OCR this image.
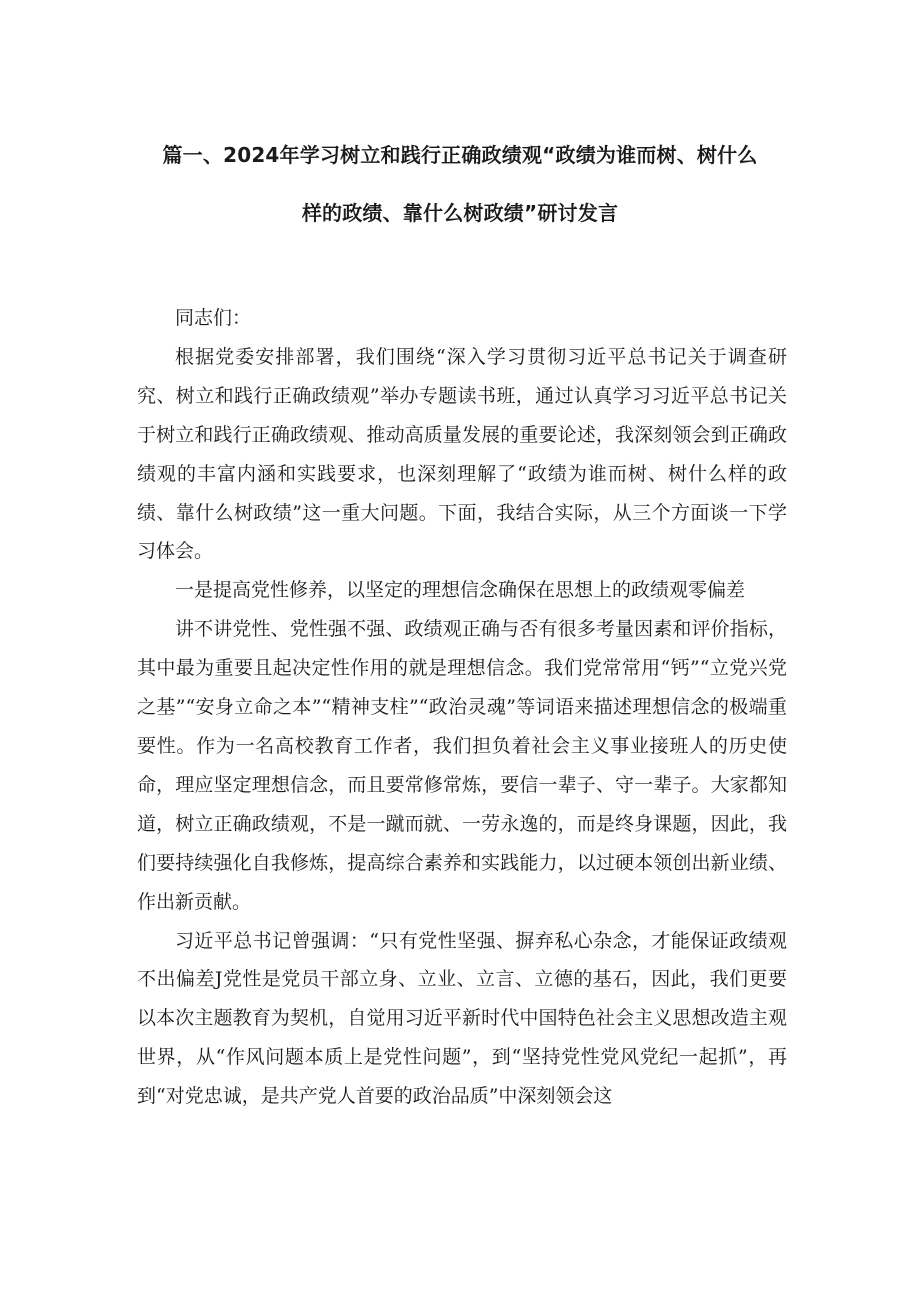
篇一、2024年学习树立和践行正确政绩观“政绩为谁而树、树什么
样的政绩、靠什么树政绩”研讨发言

同志们：

根据党委安排部署，我们围绕“深入学习贯彻习近平总书记关于调查研究、树立和践行正确政绩观”举办专题读书班，通过认真学习习近平总书记关于树立和践行正确政绩观、推动高质量发展的重要论述，我深刻领会到正确政绩观的丰富内涵和实践要求，也深刻理解了“政绩为谁而树、树什么样的政绩、靠什么树政绩”这一重大问题。下面，我结合实际，从三个方面谈一下学习体会。

一是提高党性修养，以坚定的理想信念确保在思想上的政绩观零偏差

讲不讲党性、党性强不强、政绩观正确与否有很多考量因素和评价指标，其中最为重要且起决定性作用的就是理想信念。我们党常常用“钙”“立党兴党之基”“安身立命之本”“精神支柱”“政治灵魂”等词语来描述理想信念的极端重要性。作为一名高校教育工作者，我们担负着社会主义事业接班人的历史使命，理应坚定理想信念，而且要常修常炼，要信一辈子、守一辈子。大家都知道，树立正确政绩观，不是一蹴而就、一劳永逸的，而是终身课题，因此，我们要持续强化自我修炼，提高综合素养和实践能力，以过硬本领创出新业绩、作出新贡献。

习近平总书记曾强调：“只有党性坚强、摒弃私心杂念，才能保证政绩观不出偏差J党性是党员干部立身、立业、立言、立德的基石，因此，我们更要以本次主题教育为契机，自觉用习近平新时代中国特色社会主义思想改造主观世界，从“作风问题本质上是党性问题”，到“坚持党性党风党纪一起抓”，再到“对党忠诚，是共产党人首要的政治品质”中深刻领会这
